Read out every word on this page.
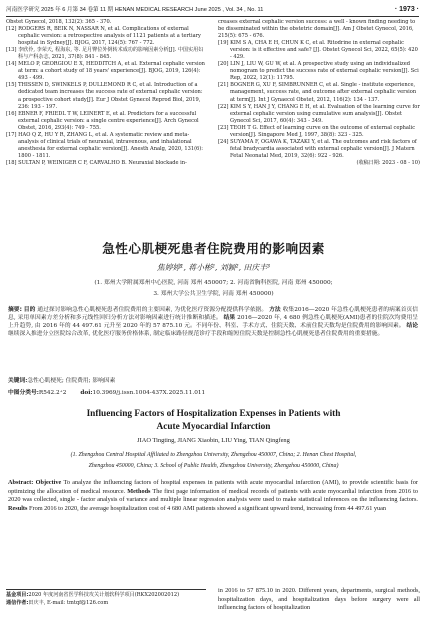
河南医学研究 2025 年 6 月第 34 卷第 11 期 HENAN MEDICAL RESEARCH June 2025 , Vol. 34 , No. 11	· 1973 ·

Obstet Gynecol, 2018, 132(2): 365 - 370.

[12] RODGERS R, BEIK N, NASSAR N, et al. Complications of external cephalic version: a retrospective analysis of 1121 patients at a tertiary hospital in Sydney[J]. BJOG, 2017, 124(5): 767 - 772.

[13] 李欣伶, 李荣天, 程海东, 等. 足月臀位外倒转术成功的影响因素分析[J]. 中国实用妇科与产科杂志, 2021, 37(8): 841 - 845.

[14] MELO P, GEORGIOU E X, HEDDITCH A, et al. External cephalic version at term: a cohort study of 18 years' experience[J]. BJOG, 2019, 126(4): 493 - 499.

[15] THISSEN D, SWINKELS P, DULLEMOND R C, et al. Introduction of a dedicated team increases the success rate of external cephalic version: a prospective cohort study[J]. Eur J Obstet Gynecol Reprod Biol, 2019, 236: 193 - 197.

[16] EBNER F, FRIEDL T W, LEINERT E, et al. Predictors for a successful external cephalic version: a single centre experience[J]. Arch Gynecol Obstet, 2016, 293(4): 749 - 755.

[17] HAO Q Z, HU Y R, ZHANG L, et al. A systematic review and meta-analysis of clinical trials of neuraxial, intravenous, and inhalational anesthesia for external cephalic version[J]. Anesth Analg, 2020, 131(6): 1800 - 1811.

[18] SULTAN P, WEINIGER C F, CARVALHO B. Neuraxial blockade in-

creases external cephalic version success: a well - known finding needing to be disseminated within the obstetric domain[J]. Am J Obstet Gynecol, 2016, 215(5): 675 - 676.

[19] KIM S A, CHA E H, CHUN K C, et al. Ritodrine in external cephalic version: is it effective and safe? [J]. Obstet Gynecol Sci, 2022, 65(5): 420 - 429.

[20] LIN J, LIU W, GU W, et al. A prospective study using an individualized nomogram to predict the success rate of external cephalic version[J]. Sci Rep, 2022, 12(1): 11795.

[21] BOGNER G, XU F, SIMBRUNNER C, et al. Single - institute experience, management, success rate, and outcome after external cephalic version at term[J]. Int J Gynaecol Obstet, 2012, 116(2): 134 - 137.

[22] KIM S Y, HAN J Y, CHANG E H, et al. Evaluation of the learning curve for external cephalic version using cumulative sum analysis[J]. Obstet Gynecol Sci, 2017, 60(4): 343 - 349.

[23] TEOH T G. Effect of learning curve on the outcome of external cephalic version[J]. Singapore Med J, 1997, 38(8): 323 - 325.

[24] SUYAMA F, OGAWA K, TAZAKI Y, et al. The outcomes and risk factors of fetal bradycardia associated with external cephalic version[J]. J Matern Fetal Neonatal Med, 2019, 32(6): 922 - 926.

(收稿日期: 2023 - 08 - 10)

急性心肌梗死患者住院费用的影响因素
焦婷婷¹, 蒋小彬², 刘颖², 田庆丰³
(1. 郑州大学附属郑州中心医院, 河南 郑州 450007; 2. 河南省胸科医院, 河南 郑州 450000;
3. 郑州大学公共卫生学院, 河南 郑州 450000)

摘要: 目的 通过探讨影响急性心肌梗死患者住院费用的主要因素, 为优化医疗资源分配提供科学依据。 方法 收集2016—2020 年急性心肌梗死患者的病案首页信息, 采用单因素方差分析和多元线性回归分析方法对影响因素进行统计推断和描述。 结果 2016—2020 年, 4 680 例急性心肌梗死(AMI)患者的住院次均费用呈上升趋势, 由 2016 年的 44 497.61 元升至 2020 年的 57 875.10 元。不同年份、科室、手术方式、住院天数、术前住院天数均是住院费用的影响因素。 结论 继续深入推进分立医院综合改革, 优化医疗服务价格体系, 制定临床路径规范诊疗手段和缩短住院天数是控制急性心肌梗死患者住院费用的重要措施。

关键词:急性心肌梗死; 住院费用; 影响因素

中图分类号:R542.2⁺2 doi:10.3969/j.issn.1004-437X.2025.11.011

Influencing Factors of Hospitalization Expenses in Patients with
Acute Myocardial Infarction
JIAO Tingting, JIANG Xiaobin, LIU Ying, TIAN Qingfeng
(1. Zhengzhou Central Hospital Affiliated to Zhengzhou University, Zhengzhou 450007, China; 2. Henan Chest Hospital,
Zhengzhou 450000, China; 3. School of Public Health, Zhengzhou University, Zhengzhou 450000, China)

Abstract: Objective To analyze the influencing factors of hospital expenses in patients with acute myocardial infarction (AMI), to provide scientific basis for optimizing the allocation of medical resource. Methods The first page information of medical records of patients with acute myocardial infarction from 2016 to 2020 was collected, single - factor analysis of variance and multiple linear regression analysis were used to make statistical inferences on the influencing factors. Results From 2016 to 2020, the average hospitalization cost of 4 680 AMI patients showed a significant upward trend, increasing from 44 497.61 yuan

in 2016 to 57 875.10 in 2020. Different years, departments, surgical methods, hospitalization days, and hospitalization days before surgery were all influencing factors of hospitalization

基金项目:2020 年度河南省医学科技攻关计划软科学项目(RKX202002012)

通信作者:田庆丰, E-mail: tmtqf@126.com
